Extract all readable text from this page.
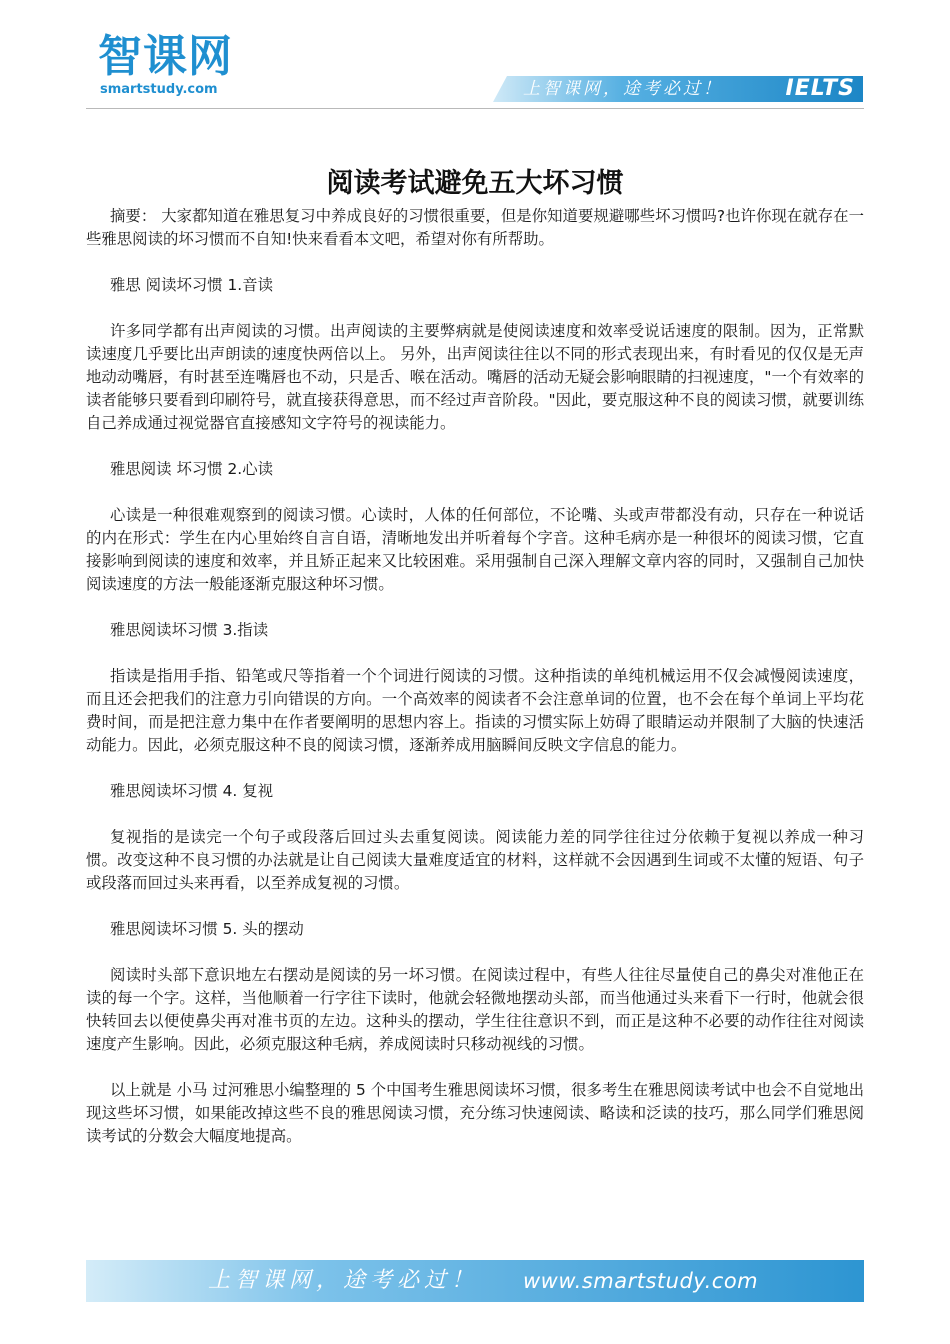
智课网
smartstudy.com	上智课网，途考必过！	IELTS
阅读考试避免五大坏习惯

摘要： 大家都知道在雅思复习中养成良好的习惯很重要，但是你知道要规避哪些坏习惯吗?也许你现在就存在一些雅思阅读的坏习惯而不自知!快来看看本文吧，希望对你有所帮助。

雅思 阅读坏习惯 1.音读

许多同学都有出声阅读的习惯。出声阅读的主要弊病就是使阅读速度和效率受说话速度的限制。因为，正常默读速度几乎要比出声朗读的速度快两倍以上。 另外，出声阅读往往以不同的形式表现出来，有时看见的仅仅是无声地动动嘴唇，有时甚至连嘴唇也不动，只是舌、喉在活动。嘴唇的活动无疑会影响眼睛的扫视速度，"一个有效率的读者能够只要看到印刷符号，就直接获得意思，而不经过声音阶段。"因此，要克服这种不良的阅读习惯，就要训练自己养成通过视觉器官直接感知文字符号的视读能力。

雅思阅读 坏习惯 2.心读

心读是一种很难观察到的阅读习惯。心读时，人体的任何部位，不论嘴、头或声带都没有动，只存在一种说话的内在形式：学生在内心里始终自言自语，清晰地发出并听着每个字音。这种毛病亦是一种很坏的阅读习惯，它直接影响到阅读的速度和效率，并且矫正起来又比较困难。采用强制自己深入理解文章内容的同时，又强制自己加快阅读速度的方法一般能逐渐克服这种坏习惯。

雅思阅读坏习惯 3.指读

指读是指用手指、铅笔或尺等指着一个个词进行阅读的习惯。这种指读的单纯机械运用不仅会减慢阅读速度，而且还会把我们的注意力引向错误的方向。一个高效率的阅读者不会注意单词的位置，也不会在每个单词上平均花费时间，而是把注意力集中在作者要阐明的思想内容上。指读的习惯实际上妨碍了眼睛运动并限制了大脑的快速活动能力。因此，必须克服这种不良的阅读习惯，逐渐养成用脑瞬间反映文字信息的能力。

雅思阅读坏习惯 4. 复视

复视指的是读完一个句子或段落后回过头去重复阅读。阅读能力差的同学往往过分依赖于复视以养成一种习惯。改变这种不良习惯的办法就是让自己阅读大量难度适宜的材料，这样就不会因遇到生词或不太懂的短语、句子或段落而回过头来再看，以至养成复视的习惯。

雅思阅读坏习惯 5. 头的摆动

阅读时头部下意识地左右摆动是阅读的另一坏习惯。在阅读过程中，有些人往往尽量使自己的鼻尖对准他正在读的每一个字。这样，当他顺着一行字往下读时，他就会轻微地摆动头部，而当他通过头来看下一行时，他就会很快转回去以便使鼻尖再对准书页的左边。这种头的摆动，学生往往意识不到，而正是这种不必要的动作往往对阅读速度产生影响。因此，必须克服这种毛病，养成阅读时只移动视线的习惯。

以上就是 小马 过河雅思小编整理的 5 个中国考生雅思阅读坏习惯，很多考生在雅思阅读考试中也会不自觉地出现这些坏习惯，如果能改掉这些不良的雅思阅读习惯，充分练习快速阅读、略读和泛读的技巧，那么同学们雅思阅读考试的分数会大幅度地提高。

上智课网，途考必过！ www.smartstudy.com
